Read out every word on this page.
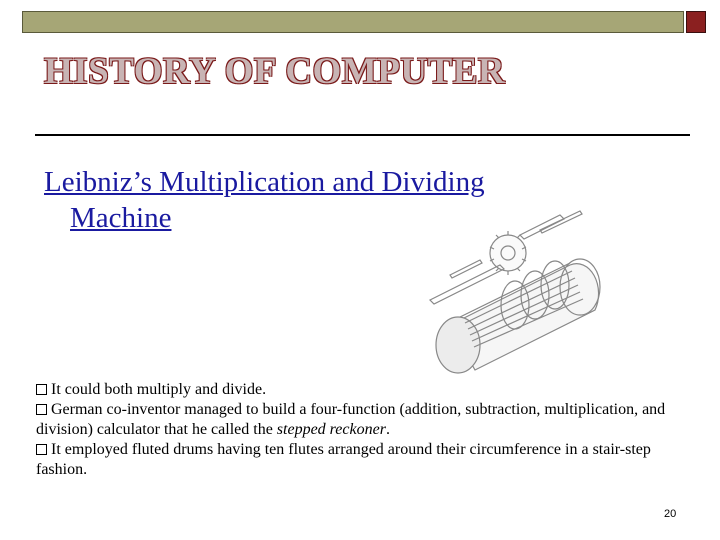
HISTORY OF COMPUTER
Leibniz’s Multiplication and Dividing
Machine

It could both multiply and divide.

German co-inventor managed to build a four-function (addition, subtraction, multiplication, and division) calculator that he called the stepped reckoner.

It employed fluted drums having ten flutes arranged around their circumference in a stair-step fashion.

20
